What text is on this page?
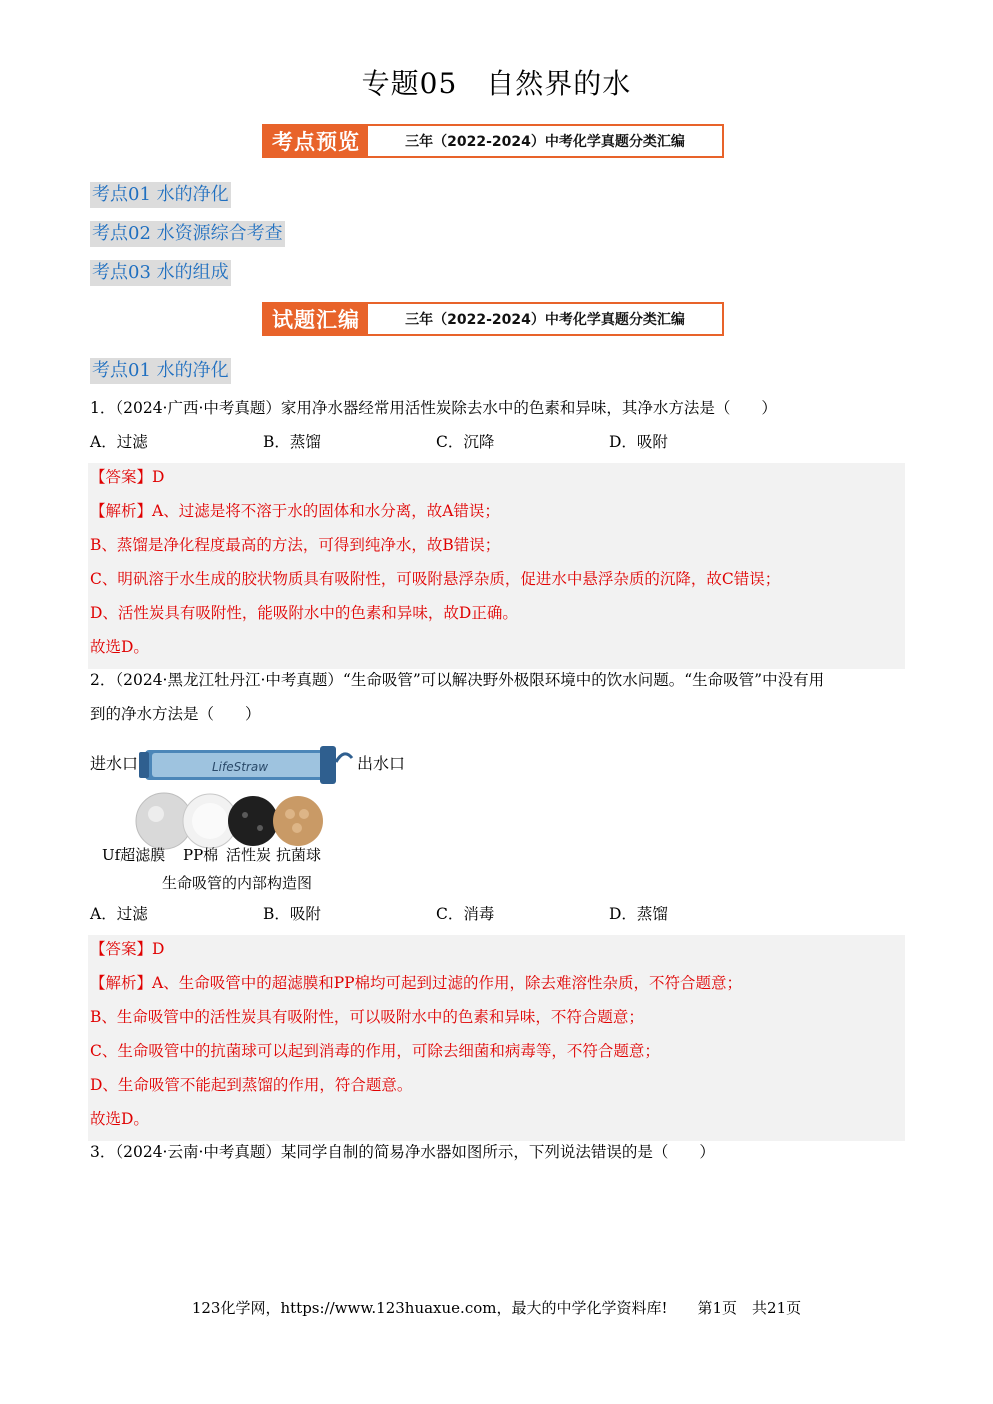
专题05　自然界的水
考点预览	三年（2022-2024）中考化学真题分类汇编
考点01 水的净化
考点02 水资源综合考查
考点03 水的组成
试题汇编	三年（2022-2024）中考化学真题分类汇编
考点01 水的净化
1．（2024·广西·中考真题）家用净水器经常用活性炭除去水中的色素和异味，其净水方法是（　　）
A．过滤	B．蒸馏	C．沉降	D．吸附
【答案】D
【解析】A、过滤是将不溶于水的固体和水分离，故A错误；
B、蒸馏是净化程度最高的方法，可得到纯净水，故B错误；
C、明矾溶于水生成的胶状物质具有吸附性，可吸附悬浮杂质，促进水中悬浮杂质的沉降，故C错误；
D、活性炭具有吸附性，能吸附水中的色素和异味，故D正确。
故选D。
2．（2024·黑龙江牡丹江·中考真题）“生命吸管”可以解决野外极限环境中的饮水问题。“生命吸管”中没有用
到的净水方法是（　　）
LifeStraw
进水口	出水口
Uf超滤膜 PP棉 活性炭 抗菌球
生命吸管的内部构造图
A．过滤	B．吸附	C．消毒	D．蒸馏
【答案】D
【解析】A、生命吸管中的超滤膜和PP棉均可起到过滤的作用，除去难溶性杂质，不符合题意；
B、生命吸管中的活性炭具有吸附性，可以吸附水中的色素和异味，不符合题意；
C、生命吸管中的抗菌球可以起到消毒的作用，可除去细菌和病毒等，不符合题意；
D、生命吸管不能起到蒸馏的作用，符合题意。
故选D。
3．（2024·云南·中考真题）某同学自制的简易净水器如图所示，下列说法错误的是（　　）
123化学网，https://www.123huaxue.com，最大的中学化学资料库!　　第1页　共21页
